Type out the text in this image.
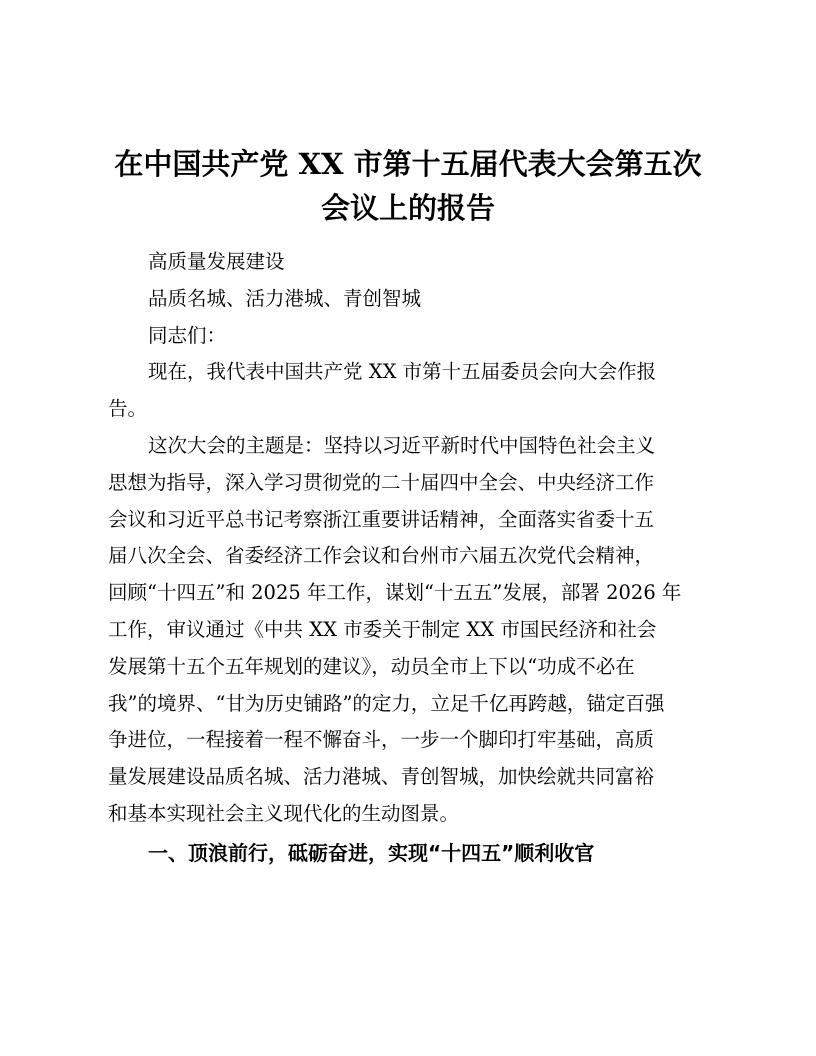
在中国共产党 XX 市第十五届代表大会第五次
会议上的报告
高质量发展建设
品质名城、活力港城、青创智城
同志们：
现在，我代表中国共产党 XX 市第十五届委员会向大会作报
告。
这次大会的主题是：坚持以习近平新时代中国特色社会主义
思想为指导，深入学习贯彻党的二十届四中全会、中央经济工作
会议和习近平总书记考察浙江重要讲话精神，全面落实省委十五
届八次全会、省委经济工作会议和台州市六届五次党代会精神，
回顾“十四五”和 2025 年工作，谋划“十五五”发展，部署 2026 年
工作，审议通过《中共 XX 市委关于制定 XX 市国民经济和社会
发展第十五个五年规划的建议》，动员全市上下以“功成不必在
我”的境界、“甘为历史铺路”的定力，立足千亿再跨越，锚定百强
争进位，一程接着一程不懈奋斗，一步一个脚印打牢基础，高质
量发展建设品质名城、活力港城、青创智城，加快绘就共同富裕
和基本实现社会主义现代化的生动图景。
一、顶浪前行，砥砺奋进，实现“十四五”顺利收官
